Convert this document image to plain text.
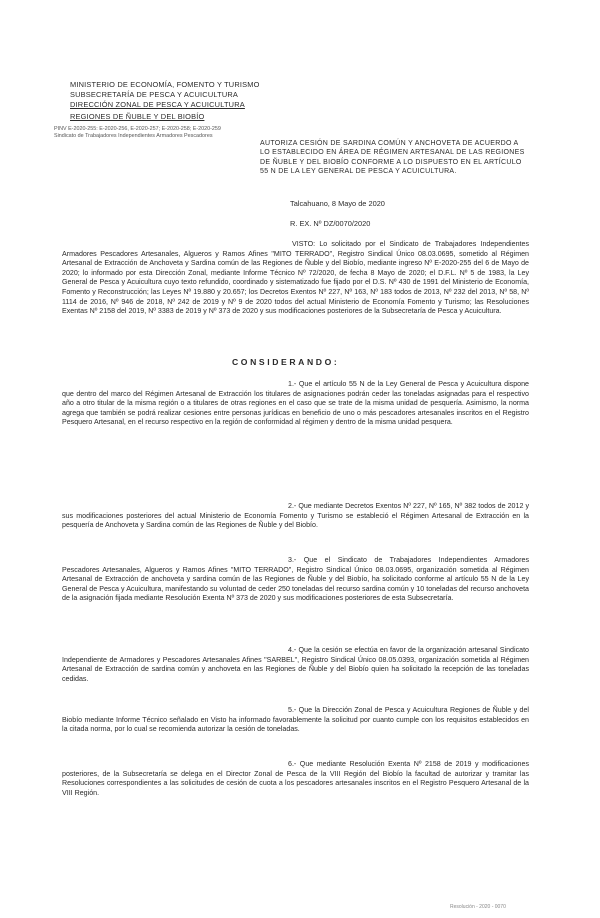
MINISTERIO DE ECONOMÍA, FOMENTO Y TURISMO
SUBSECRETARÍA DE PESCA Y ACUICULTURA
DIRECCIÓN ZONAL DE PESCA Y ACUICULTURA
REGIONES DE ÑUBLE Y DEL BIOBÍO
PINV E-2020-255: E-2020-256, E-2020-257; E-2020-258; E-2020-259
Sindicato de Trabajadores Independientes Armadores Pescadores
AUTORIZA CESIÓN DE SARDINA COMÚN Y ANCHOVETA DE ACUERDO A LO ESTABLECIDO EN ÁREA DE RÉGIMEN ARTESANAL DE LAS REGIONES DE ÑUBLE Y DEL BIOBÍO CONFORME A LO DISPUESTO EN EL ARTÍCULO 55 N DE LA LEY GENERAL DE PESCA Y ACUICULTURA.
Talcahuano, 8 Mayo de 2020
R. EX. Nº DZ/0070/2020
VISTO: Lo solicitado por el Sindicato de Trabajadores Independientes Armadores Pescadores Artesanales, Algueros y Ramos Afines "MITO TERRADO", Registro Sindical Único 08.03.0695, sometido al Régimen Artesanal de Extracción de Anchoveta y Sardina común de las Regiones de Ñuble y del Biobío, mediante ingreso Nº E-2020-255 del 6 de Mayo de 2020; lo informado por esta Dirección Zonal, mediante Informe Técnico Nº 72/2020, de fecha 8 Mayo de 2020; el D.F.L. Nº 5 de 1983, la Ley General de Pesca y Acuicultura cuyo texto refundido, coordinado y sistematizado fue fijado por el D.S. Nº 430 de 1991 del Ministerio de Economía, Fomento y Reconstrucción; las Leyes Nº 19.880 y 20.657; los Decretos Exentos Nº 227, Nº 163, Nº 183 todos de 2013, Nº 232 del 2013, Nº 58, Nº 1114 de 2016, Nº 946 de 2018, Nº 242 de 2019 y Nº 9 de 2020 todos del actual Ministerio de Economía Fomento y Turismo; las Resoluciones Exentas Nº 2158 del 2019, Nº 3383 de 2019 y Nº 373 de 2020 y sus modificaciones posteriores de la Subsecretaría de Pesca y Acuicultura.
CONSIDERANDO:
1.- Que el artículo 55 N de la Ley General de Pesca y Acuicultura dispone que dentro del marco del Régimen Artesanal de Extracción los titulares de asignaciones podrán ceder las toneladas asignadas para el respectivo año a otro titular de la misma región o a titulares de otras regiones en el caso que se trate de la misma unidad de pesquería. Asimismo, la norma agrega que también se podrá realizar cesiones entre personas jurídicas en beneficio de uno o más pescadores artesanales inscritos en el Registro Pesquero Artesanal, en el recurso respectivo en la región de conformidad al régimen y dentro de la misma unidad pesquera.
2.- Que mediante Decretos Exentos Nº 227, Nº 165, Nº 382 todos de 2012 y sus modificaciones posteriores del actual Ministerio de Economía Fomento y Turismo se estableció el Régimen Artesanal de Extracción en la pesquería de Anchoveta y Sardina común de las Regiones de Ñuble y del Biobío.
3.- Que el Sindicato de Trabajadores Independientes Armadores Pescadores Artesanales, Algueros y Ramos Afines "MITO TERRADO", Registro Sindical Único 08.03.0695, organización sometida al Régimen Artesanal de Extracción de anchoveta y sardina común de las Regiones de Ñuble y del Biobío, ha solicitado conforme al artículo 55 N de la Ley General de Pesca y Acuicultura, manifestando su voluntad de ceder 250 toneladas del recurso sardina común y 10 toneladas del recurso anchoveta de la asignación fijada mediante Resolución Exenta Nº 373 de 2020 y sus modificaciones posteriores de esta Subsecretaría.
4.- Que la cesión se efectúa en favor de la organización artesanal Sindicato Independiente de Armadores y Pescadores Artesanales Afines "SARBEL", Registro Sindical Único 08.05.0393, organización sometida al Régimen Artesanal de Extracción de sardina común y anchoveta en las Regiones de Ñuble y del Biobío quien ha solicitado la recepción de las toneladas cedidas.
5.- Que la Dirección Zonal de Pesca y Acuicultura Regiones de Ñuble y del Biobío mediante Informe Técnico señalado en Visto ha informado favorablemente la solicitud por cuanto cumple con los requisitos establecidos en la citada norma, por lo cual se recomienda autorizar la cesión de toneladas.
6.- Que mediante Resolución Exenta Nº 2158 de 2019 y modificaciones posteriores, de la Subsecretaría se delega en el Director Zonal de Pesca de la VIII Región del Biobío la facultad de autorizar y tramitar las Resoluciones correspondientes a las solicitudes de cesión de cuota a los pescadores artesanales inscritos en el Registro Pesquero Artesanal de la VIII Región.
Resolución - 2020 - 0070
